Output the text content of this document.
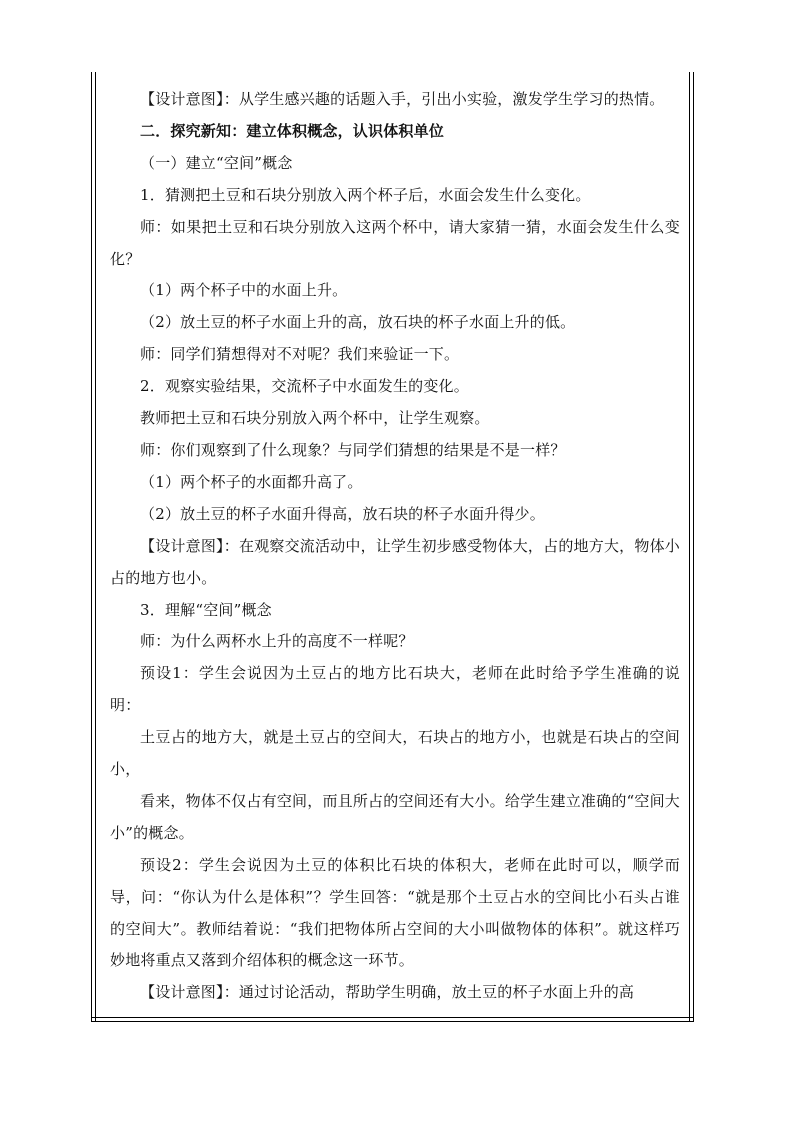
【设计意图】：从学生感兴趣的话题入手，引出小实验，激发学生学习的热情。

二．探究新知：建立体积概念，认识体积单位

（一）建立“空间”概念

1．猜测把土豆和石块分别放入两个杯子后，水面会发生什么变化。

师：如果把土豆和石块分别放入这两个杯中，请大家猜一猜，水面会发生什么变化？

（1）两个杯子中的水面上升。

（2）放土豆的杯子水面上升的高，放石块的杯子水面上升的低。

师：同学们猜想得对不对呢？我们来验证一下。

2．观察实验结果，交流杯子中水面发生的变化。

教师把土豆和石块分别放入两个杯中，让学生观察。

师：你们观察到了什么现象？与同学们猜想的结果是不是一样？

（1）两个杯子的水面都升高了。

（2）放土豆的杯子水面升得高，放石块的杯子水面升得少。

【设计意图】：在观察交流活动中，让学生初步感受物体大，占的地方大，物体小占的地方也小。

3．理解“空间”概念

师：为什么两杯水上升的高度不一样呢？

预设1：学生会说因为土豆占的地方比石块大，老师在此时给予学生准确的说明：

土豆占的地方大，就是土豆占的空间大，石块占的地方小，也就是石块占的空间小，

看来，物体不仅占有空间，而且所占的空间还有大小。给学生建立准确的“空间大小”的概念。

预设2：学生会说因为土豆的体积比石块的体积大，老师在此时可以，顺学而导，问：“你认为什么是体积”？学生回答：“就是那个土豆占水的空间比小石头占谁的空间大”。教师结着说：“我们把物体所占空间的大小叫做物体的体积”。就这样巧妙地将重点又落到介绍体积的概念这一环节。

【设计意图】：通过讨论活动，帮助学生明确，放土豆的杯子水面上升的高
